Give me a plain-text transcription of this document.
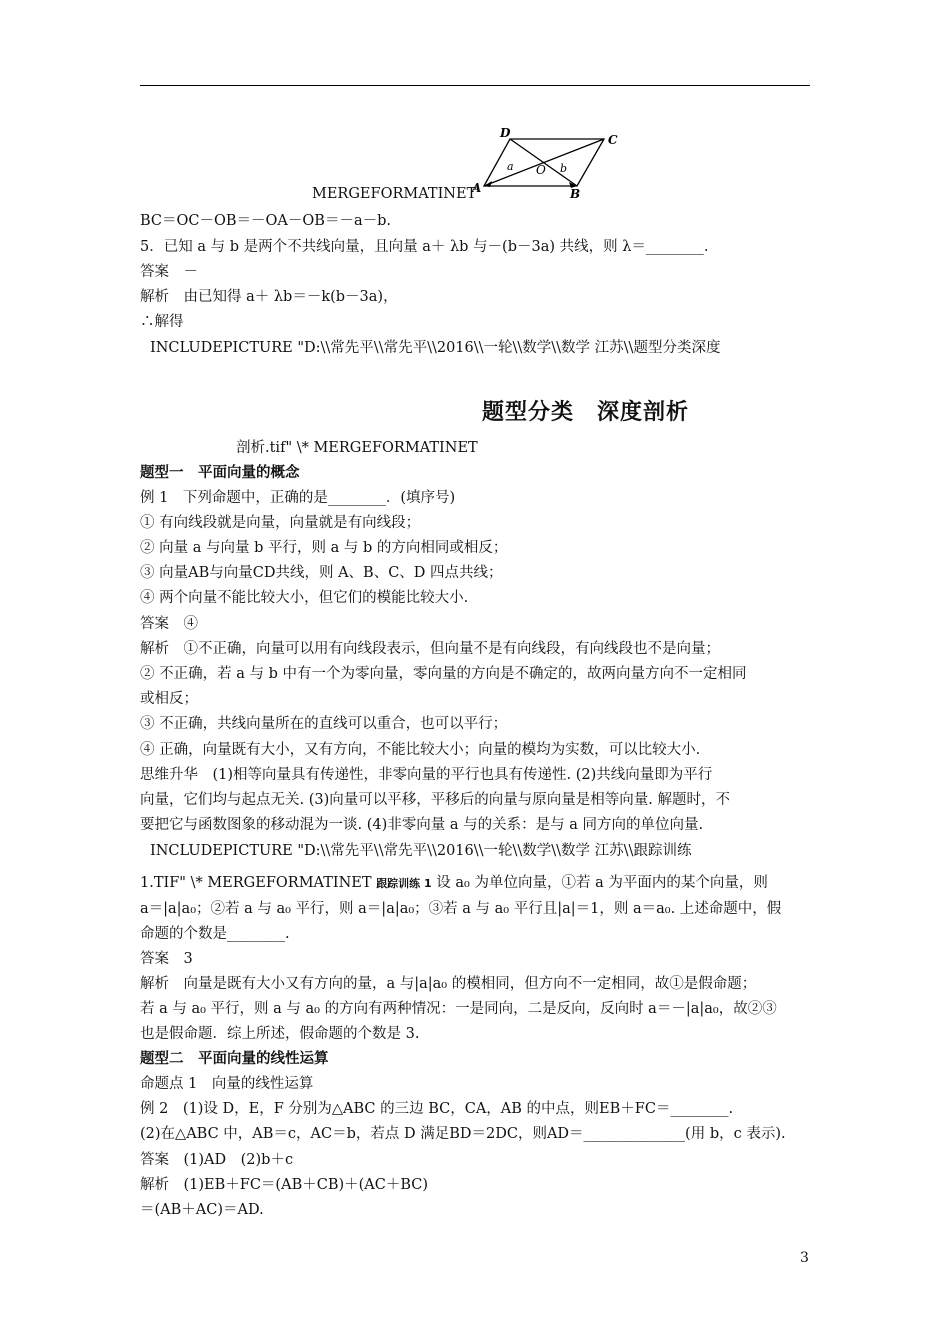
D	C
A	B
O
a	b
MERGEFORMATINET
BC＝OC－OB＝－OA－OB＝－a－b.
5．已知 a 与 b 是两个不共线向量，且向量 a＋ λb 与－(b－3a) 共线，则 λ＝________.
答案　－
解析　由已知得 a＋ λb＝－k(b－3a)，
∴解得
INCLUDEPICTURE "D:\\常先平\\常先平\\2016\\一轮\\数学\\数学 江苏\\题型分类深度
题型分类　深度剖析
剖析.tif" \* MERGEFORMATINET
题型一　平面向量的概念
例 1　下列命题中，正确的是________．(填序号)
① 有向线段就是向量，向量就是有向线段；
② 向量 a 与向量 b 平行，则 a 与 b 的方向相同或相反；
③ 向量AB与向量CD共线，则 A、B、C、D 四点共线；
④ 两个向量不能比较大小，但它们的模能比较大小.
答案　④
解析　①不正确，向量可以用有向线段表示，但向量不是有向线段，有向线段也不是向量；
② 不正确，若 a 与 b 中有一个为零向量，零向量的方向是不确定的，故两向量方向不一定相同
或相反；
③ 不正确，共线向量所在的直线可以重合，也可以平行；
④ 正确，向量既有大小，又有方向，不能比较大小；向量的模均为实数，可以比较大小.
思维升华　(1)相等向量具有传递性，非零向量的平行也具有传递性. (2)共线向量即为平行
向量，它们均与起点无关. (3)向量可以平移，平移后的向量与原向量是相等向量. 解题时，不
要把它与函数图象的移动混为一谈. (4)非零向量 a 与的关系：是与 a 同方向的单位向量.
INCLUDEPICTURE "D:\\常先平\\常先平\\2016\\一轮\\数学\\数学 江苏\\跟踪训练
1.TIF" \* MERGEFORMATINET 跟踪训练 1 设 a₀ 为单位向量，①若 a 为平面内的某个向量，则
a＝|a|a₀；②若 a 与 a₀ 平行，则 a＝|a|a₀；③若 a 与 a₀ 平行且|a|＝1，则 a＝a₀. 上述命题中，假
命题的个数是________.
答案　3
解析　向量是既有大小又有方向的量，a 与|a|a₀ 的模相同，但方向不一定相同，故①是假命题；
若 a 与 a₀ 平行，则 a 与 a₀ 的方向有两种情况：一是同向，二是反向，反向时 a＝－|a|a₀，故②③
也是假命题．综上所述，假命题的个数是 3.
题型二　平面向量的线性运算
命题点 1　向量的线性运算
例 2　(1)设 D，E，F 分别为△ABC 的三边 BC，CA，AB 的中点，则EB＋FC＝________.
(2)在△ABC 中，AB＝c，AC＝b，若点 D 满足BD＝2DC，则AD＝______________(用 b，c 表示).
答案　(1)AD　(2)b＋c
解析　(1)EB＋FC＝(AB＋CB)＋(AC＋BC)
＝(AB＋AC)＝AD.
3
